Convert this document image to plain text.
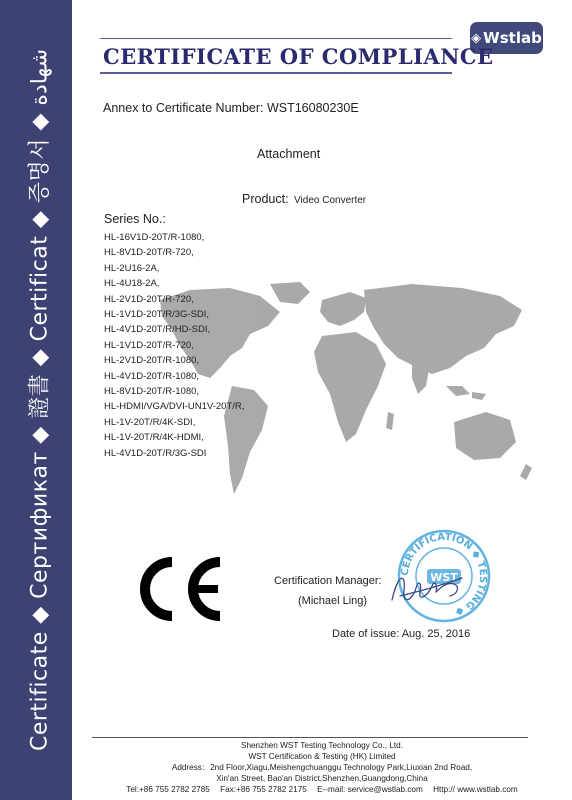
Certificate ◆ Сертификат ◆ 證書 ◆ Certificat ◆ 증명서 ◆ شهادة
◈ Wstlab
CERTIFICATE OF COMPLIANCE
Annex to Certificate Number: WST16080230E
Attachment
Product: Video Converter
Series No.:
HL-16V1D-20T/R-1080,
HL-8V1D-20T/R-720,
HL-2U16-2A,
HL-4U18-2A,
HL-2V1D-20T/R-720,
HL-1V1D-20T/R/3G-SDI,
HL-4V1D-20T/R/HD-SDI,
HL-1V1D-20T/R-720,
HL-2V1D-20T/R-1080,
HL-4V1D-20T/R-1080,
HL-8V1D-20T/R-1080,
HL-HDMI/VGA/DVI-UN1V-20T/R,
HL-1V-20T/R/4K-SDI,
HL-1V-20T/R/4K-HDMI,
HL-4V1D-20T/R/3G-SDI
CERTIFICATION ◆ TESTING ◆
WST
Certification Manager:
(Michael Ling)
Date of issue: Aug. 25, 2016
Shenzhen WST Testing Technology Co., Ltd.
WST Certification & Testing (HK) Limited
Address：2nd Floor,Xiagu,Meishengchuanggu Technology Park,Liuxian 2nd Road,
Xin'an Street, Bao'an District,Shenzhen,Guangdong,China
Tel:+86 755 2782 2785 Fax:+86 755 2782 2175 E--mail: service@wstlab.com Http:// www.wstlab.com
